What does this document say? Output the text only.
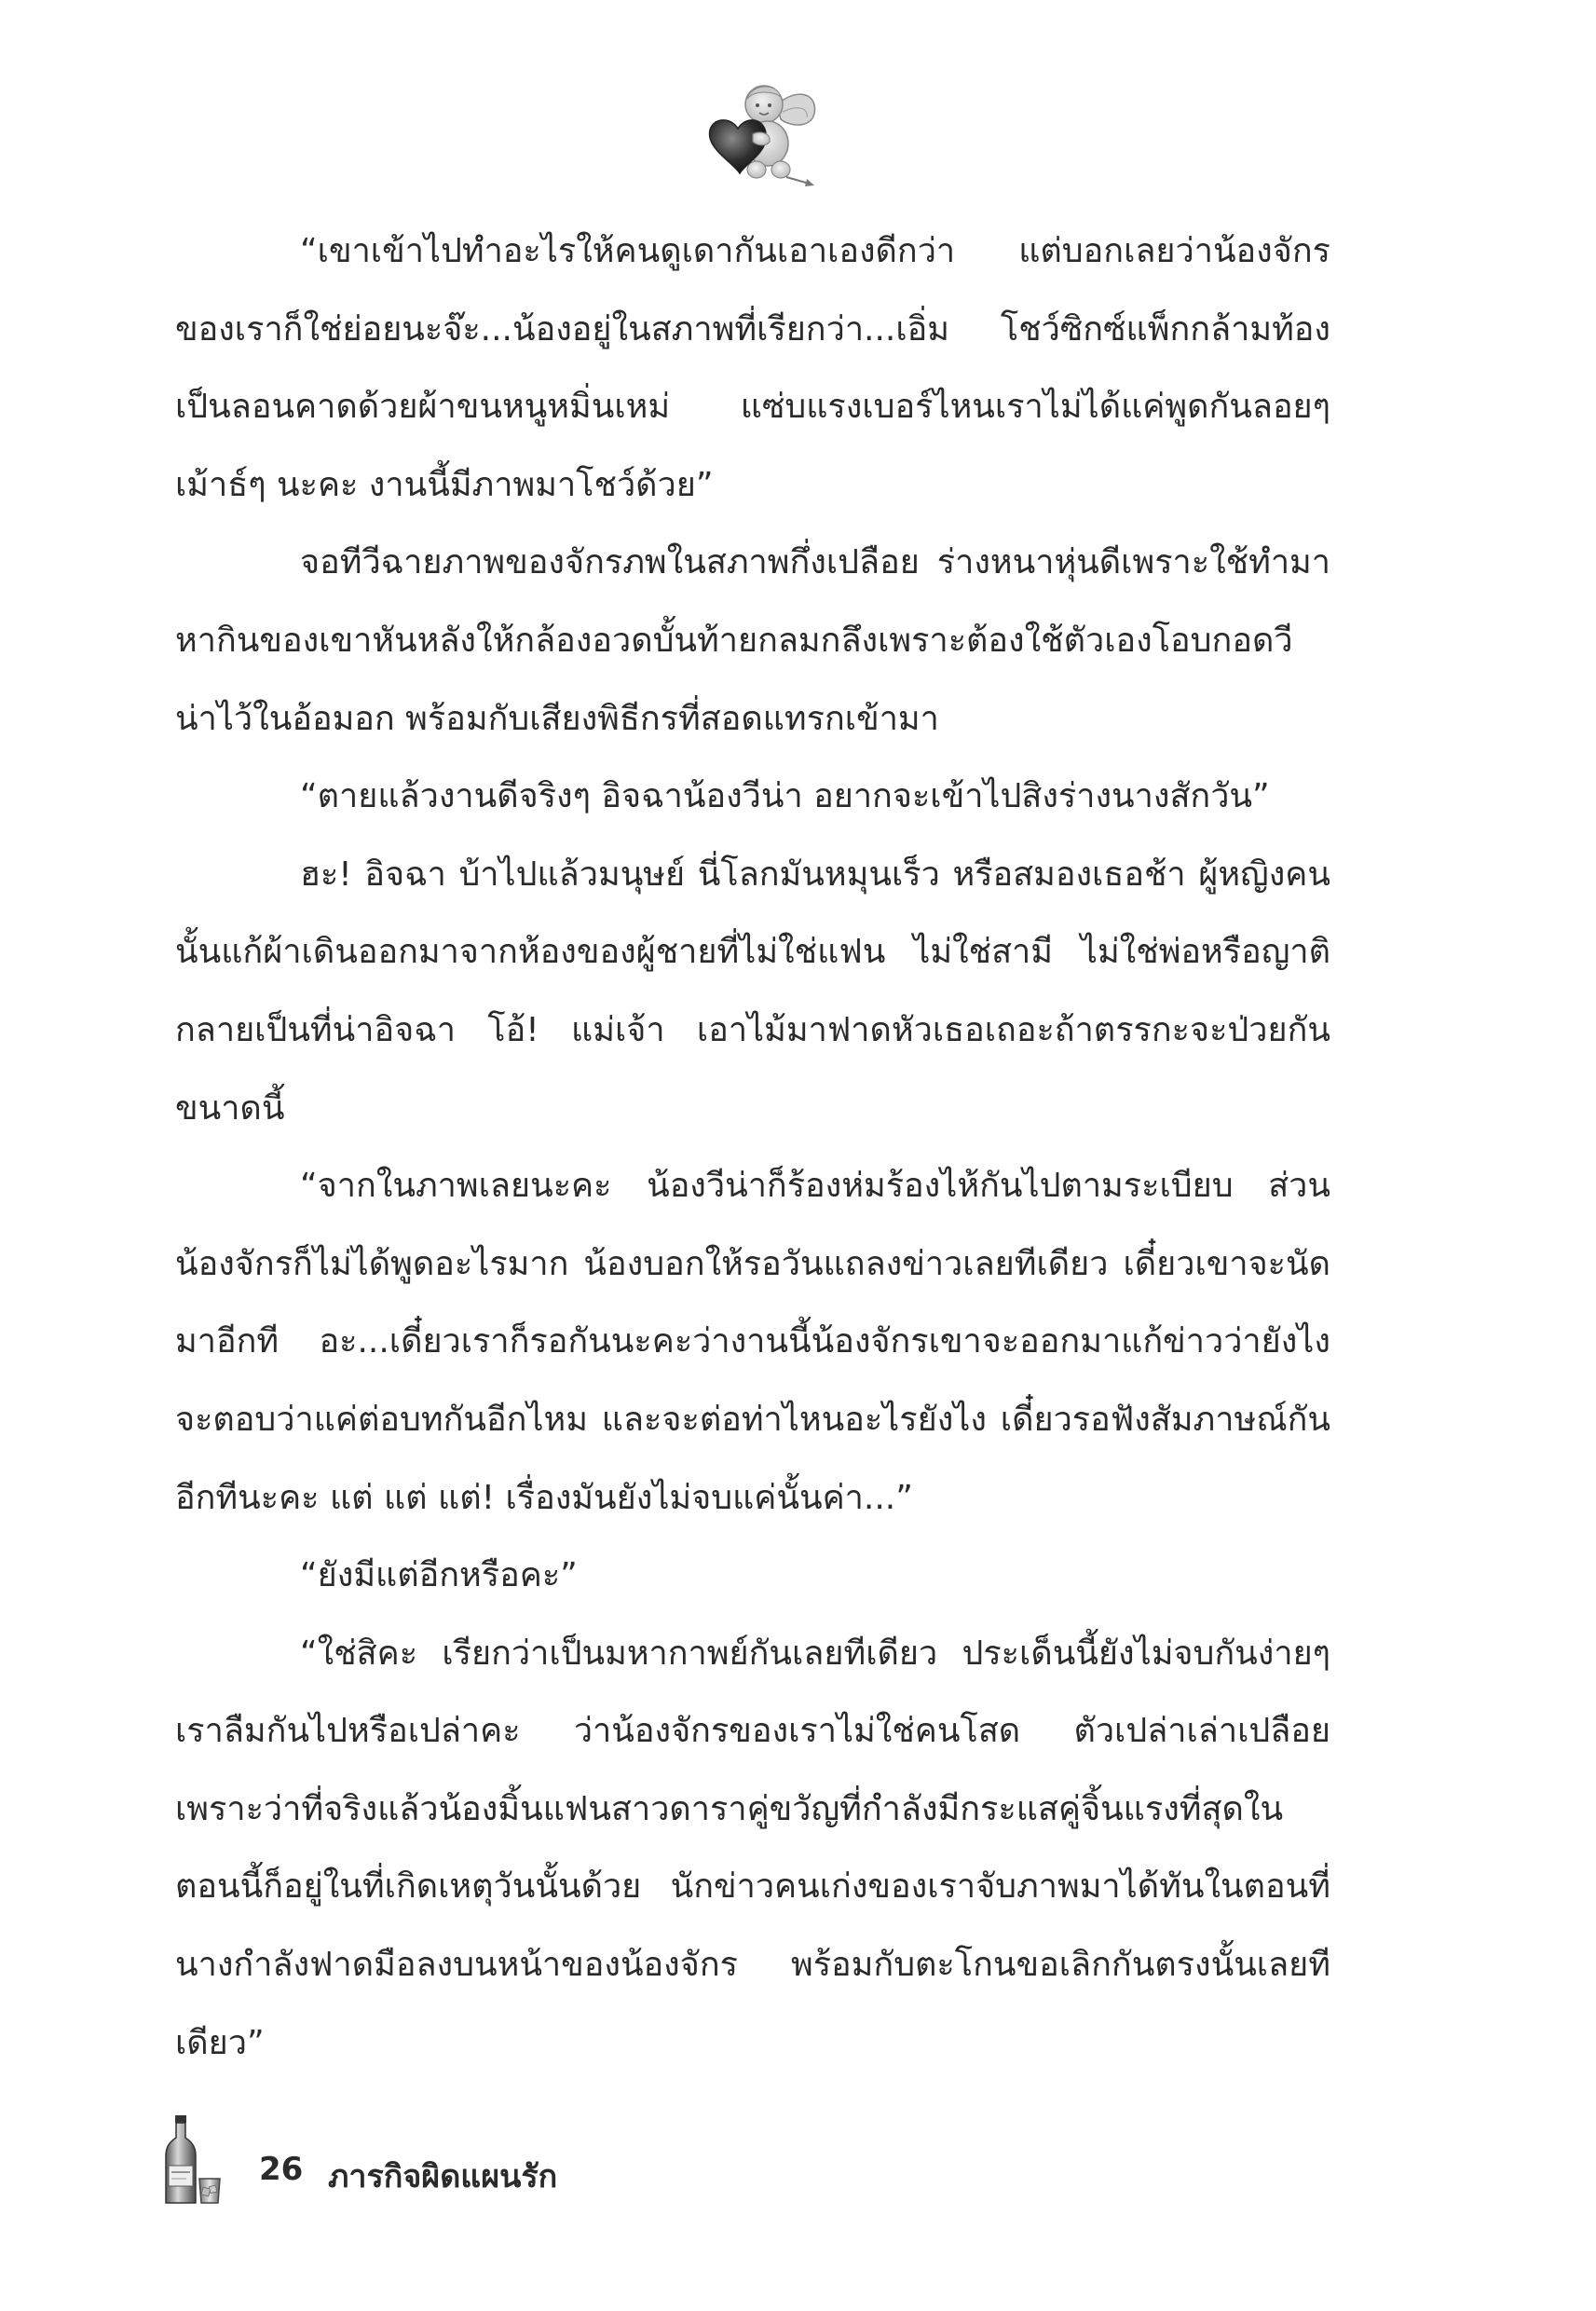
“เขาเข้าไปทำอะไรให้คนดูเดากันเอาเองดีกว่า แต่บอกเลยว่าน้องจักรของเราก็ใช่ย่อยนะจ๊ะ...น้องอยู่ในสภาพที่เรียกว่า...เอิ่ม โชว์ซิกซ์แพ็กกล้ามท้องเป็นลอนคาดด้วยผ้าขนหนูหมิ่นเหม่ แซ่บแรงเบอร์ไหนเราไม่ได้แค่พูดกันลอยๆ เม้าธ์ๆ นะคะ งานนี้มีภาพมาโชว์ด้วย”

จอทีวีฉายภาพของจักรภพในสภาพกึ่งเปลือย ร่างหนาหุ่นดีเพราะใช้ทำมาหากินของเขาหันหลังให้กล้องอวดบั้นท้ายกลมกลึงเพราะต้องใช้ตัวเองโอบกอดวีน่าไว้ในอ้อมอก พร้อมกับเสียงพิธีกรที่สอดแทรกเข้ามา

“ตายแล้วงานดีจริงๆ อิจฉาน้องวีน่า อยากจะเข้าไปสิงร่างนางสักวัน”

ฮะ! อิจฉา บ้าไปแล้วมนุษย์ นี่โลกมันหมุนเร็ว หรือสมองเธอช้า ผู้หญิงคนนั้นแก้ผ้าเดินออกมาจากห้องของผู้ชายที่ไม่ใช่แฟน ไม่ใช่สามี ไม่ใช่พ่อหรือญาติ กลายเป็นที่น่าอิจฉา โอ้! แม่เจ้า เอาไม้มาฟาดหัวเธอเถอะถ้าตรรกะจะป่วยกันขนาดนี้

“จากในภาพเลยนะคะ น้องวีน่าก็ร้องห่มร้องไห้กันไปตามระเบียบ ส่วนน้องจักรก็ไม่ได้พูดอะไรมาก น้องบอกให้รอวันแถลงข่าวเลยทีเดียว เดี๋ยวเขาจะนัดมาอีกที อะ...เดี๋ยวเราก็รอกันนะคะว่างานนี้น้องจักรเขาจะออกมาแก้ข่าวว่ายังไง จะตอบว่าแค่ต่อบทกันอีกไหม และจะต่อท่าไหนอะไรยังไง เดี๋ยวรอฟังสัมภาษณ์กันอีกทีนะคะ แต่ แต่ แต่! เรื่องมันยังไม่จบแค่นั้นค่า...”

“ยังมีแต่อีกหรือคะ”

“ใช่สิคะ เรียกว่าเป็นมหากาพย์กันเลยทีเดียว ประเด็นนี้ยังไม่จบกันง่ายๆ เราลืมกันไปหรือเปล่าคะ ว่าน้องจักรของเราไม่ใช่คนโสด ตัวเปล่าเล่าเปลือย เพราะว่าที่จริงแล้วน้องมิ้นแฟนสาวดาราคู่ขวัญที่กำลังมีกระแสคู่จิ้นแรงที่สุดในตอนนี้ก็อยู่ในที่เกิดเหตุวันนั้นด้วย นักข่าวคนเก่งของเราจับภาพมาได้ทันในตอนที่นางกำลังฟาดมือลงบนหน้าของน้องจักร พร้อมกับตะโกนขอเลิกกันตรงนั้นเลยทีเดียว”

26 ภารกิจผิดแผนรัก
